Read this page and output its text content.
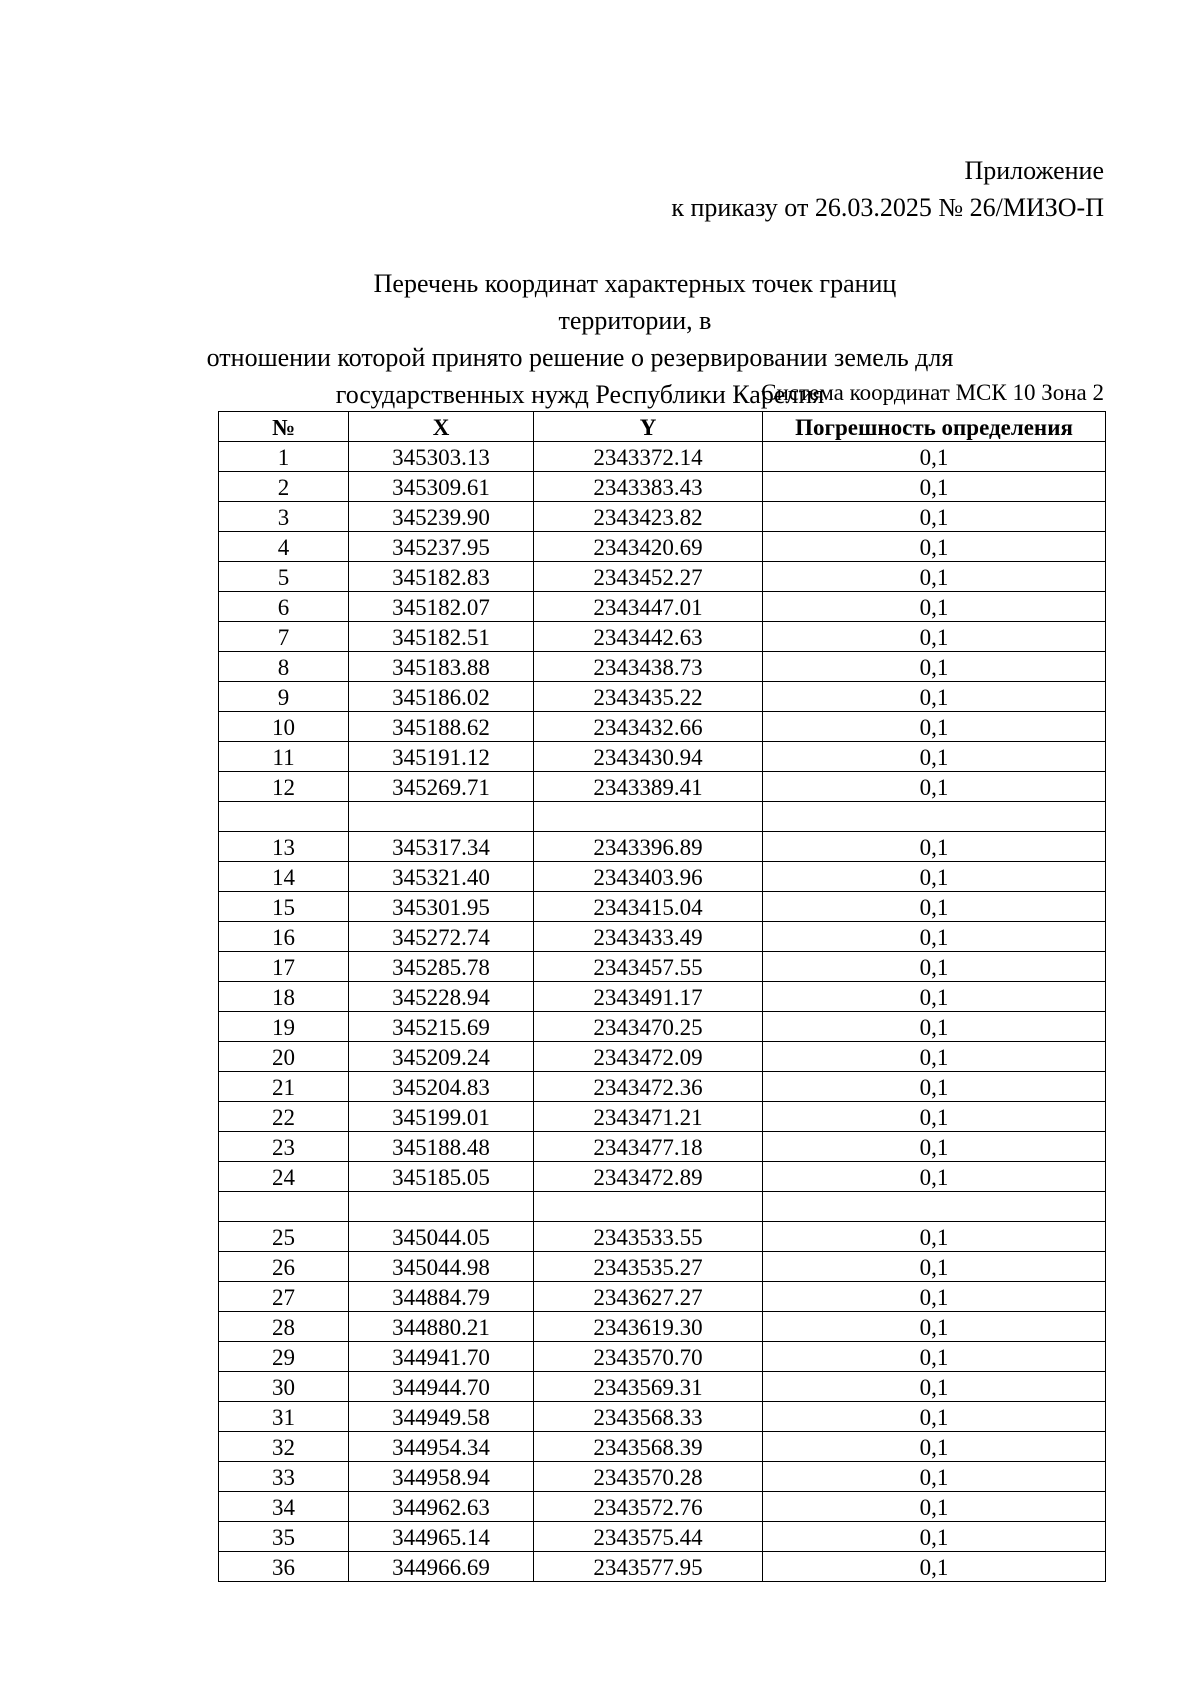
Приложение
к приказу от 26.03.2025 № 26/МИЗО-П
Перечень координат характерных точек границ территории, в
отношении которой принято решение о резервировании земель для
государственных нужд Республики Карелия
Система координат МСК 10 Зона 2
№	X	Y	Погрешность определения
1	345303.13	2343372.14	0,1
2	345309.61	2343383.43	0,1
3	345239.90	2343423.82	0,1
4	345237.95	2343420.69	0,1
5	345182.83	2343452.27	0,1
6	345182.07	2343447.01	0,1
7	345182.51	2343442.63	0,1
8	345183.88	2343438.73	0,1
9	345186.02	2343435.22	0,1
10	345188.62	2343432.66	0,1
11	345191.12	2343430.94	0,1
12	345269.71	2343389.41	0,1

13	345317.34	2343396.89	0,1
14	345321.40	2343403.96	0,1
15	345301.95	2343415.04	0,1
16	345272.74	2343433.49	0,1
17	345285.78	2343457.55	0,1
18	345228.94	2343491.17	0,1
19	345215.69	2343470.25	0,1
20	345209.24	2343472.09	0,1
21	345204.83	2343472.36	0,1
22	345199.01	2343471.21	0,1
23	345188.48	2343477.18	0,1
24	345185.05	2343472.89	0,1

25	345044.05	2343533.55	0,1
26	345044.98	2343535.27	0,1
27	344884.79	2343627.27	0,1
28	344880.21	2343619.30	0,1
29	344941.70	2343570.70	0,1
30	344944.70	2343569.31	0,1
31	344949.58	2343568.33	0,1
32	344954.34	2343568.39	0,1
33	344958.94	2343570.28	0,1
34	344962.63	2343572.76	0,1
35	344965.14	2343575.44	0,1
36	344966.69	2343577.95	0,1
